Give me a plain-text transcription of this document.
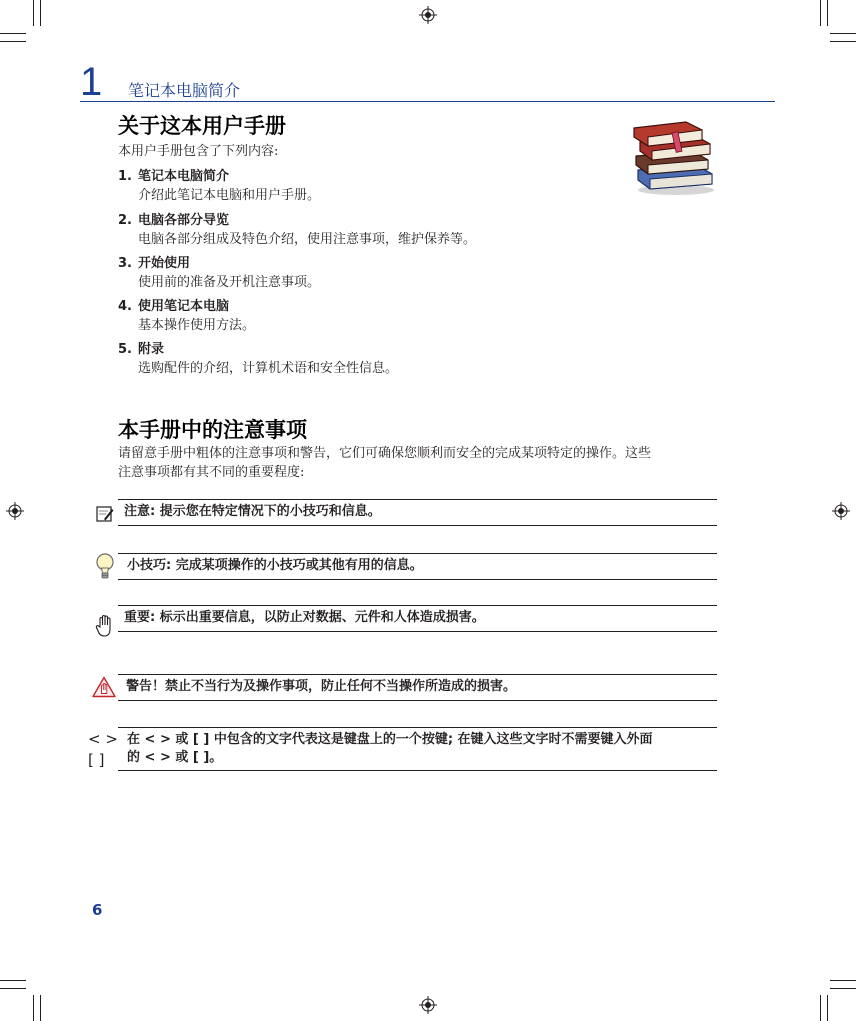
1 笔记本电脑简介
关于这本用户手册
本用户手册包含了下列内容:
1. 笔记本电脑简介
介绍此笔记本电脑和用户手册。
2. 电脑各部分导览
电脑各部分组成及特色介绍，使用注意事项，维护保养等。
3. 开始使用
使用前的准备及开机注意事项。
4. 使用笔记本电脑
基本操作使用方法。
5. 附录
选购配件的介绍，计算机术语和安全性信息。
本手册中的注意事项
请留意手册中粗体的注意事项和警告，它们可确保您顺利而安全的完成某项特定的操作。这些
注意事项都有其不同的重要程度:
注意: 提示您在特定情况下的小技巧和信息。
小技巧: 完成某项操作的小技巧或其他有用的信息。
重要: 标示出重要信息，以防止对数据、元件和人体造成损害。
警告！禁止不当行为及操作事项，防止任何不当操作所造成的损害。
< >
[ ]
在 < > 或 [ ] 中包含的文字代表这是键盘上的一个按键; 在键入这些文字时不需要键入外面
的 < > 或 [ ]。
6
